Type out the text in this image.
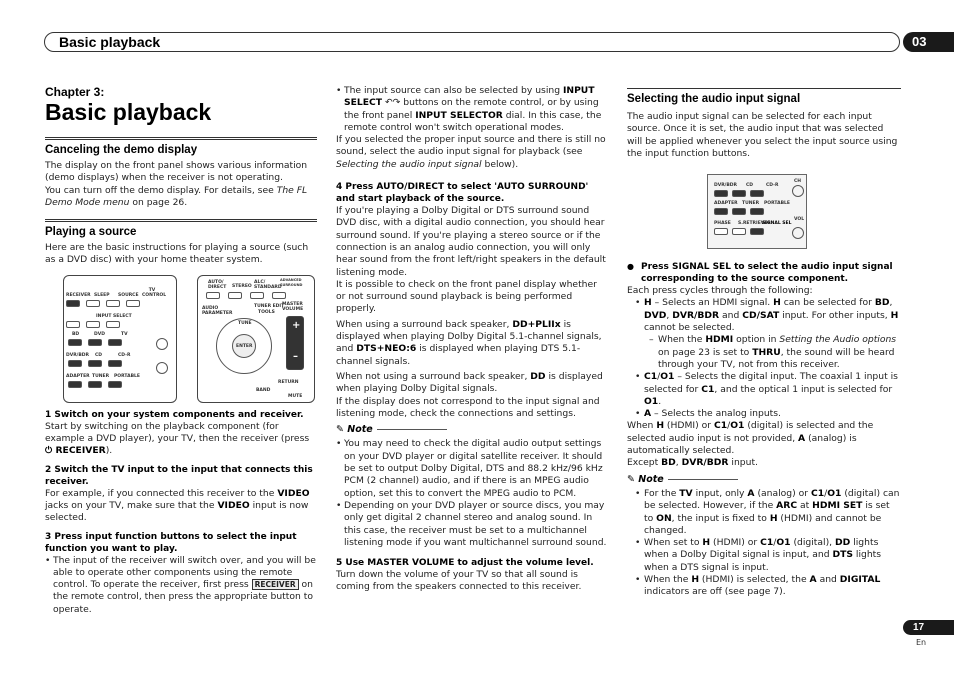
Basic playback	03
Chapter 3:
Basic playback
Canceling the demo display

The display on the front panel shows various information (demo displays) when the receiver is not operating.

You can turn off the demo display. For details, see The FL Demo Mode menu on page 26.

Playing a source

Here are the basic instructions for playing a source (such as a DVD disc) with your home theater system.

RECEIVER SLEEP SOURCE
TV CONTROL
INPUT SELECT
BD	DVD	TV
DVR/BDR CD	CD-R
ADAPTER TUNER PORTABLE
AUTO/ DIRECT	STEREO
ALC/ STANDARD
ADVANCED SURROUND
MASTER VOLUME
AUDIO PARAMETER
TUNER EDIT
TOOLS
TUNE
ENTER
+
–
BAND
RETURN
MUTE
1 Switch on your system components and receiver.

Start by switching on the playback component (for example a DVD player), your TV, then the receiver (press ⏻ RECEIVER).

2 Switch the TV input to the input that connects this receiver.

For example, if you connected this receiver to the VIDEO jacks on your TV, make sure that the VIDEO input is now selected.

3 Press input function buttons to select the input function you want to play.
• The input of the receiver will switch over, and you will be able to operate other components using the remote control. To operate the receiver, first press RECEIVER on the remote control, then press the appropriate button to operate.
• The input source can also be selected by using INPUT SELECT ↶↷ buttons on the remote control, or by using the front panel INPUT SELECTOR dial. In this case, the remote control won't switch operational modes.

If you selected the proper input source and there is still no sound, select the audio input signal for playback (see Selecting the audio input signal below).

4 Press AUTO/DIRECT to select 'AUTO SURROUND' and start playback of the source.

If you're playing a Dolby Digital or DTS surround sound DVD disc, with a digital audio connection, you should hear surround sound. If you're playing a stereo source or if the connection is an analog audio connection, you will only hear sound from the front left/right speakers in the default listening mode.

It is possible to check on the front panel display whether or not surround sound playback is being performed properly.

When using a surround back speaker, DD+PLIIx is displayed when playing Dolby Digital 5.1-channel signals, and DTS+NEO:6 is displayed when playing DTS 5.1-channel signals.

When not using a surround back speaker, DD is displayed when playing Dolby Digital signals.

If the display does not correspond to the input signal and listening mode, check the connections and settings.

✎ Note
• You may need to check the digital audio output settings on your DVD player or digital satellite receiver. It should be set to output Dolby Digital, DTS and 88.2 kHz/96 kHz PCM (2 channel) audio, and if there is an MPEG audio option, set this to convert the MPEG audio to PCM.
• Depending on your DVD player or source discs, you may only get digital 2 channel stereo and analog sound. In this case, the receiver must be set to a multichannel listening mode if you want multichannel surround sound.
5 Use MASTER VOLUME to adjust the volume level.

Turn down the volume of your TV so that all sound is coming from the speakers connected to this receiver.

Selecting the audio input signal

The audio input signal can be selected for each input source. Once it is set, the audio input that was selected will be applied whenever you select the input source using the input function buttons.

DVR/BDR CD	CD-R
CH
ADAPTER TUNER PORTABLE
PHASE S.RETRIEVER
SIGNAL SEL
VOL
● Press SIGNAL SEL to select the audio input signal corresponding to the source component.

Each press cycles through the following:

• H – Selects an HDMI signal. H can be selected for BD, DVD, DVR/BDR and CD/SAT input. For other inputs, H cannot be selected.
– When the HDMI option in Setting the Audio options on page 23 is set to THRU, the sound will be heard through your TV, not from this receiver.
• C1/O1 – Selects the digital input. The coaxial 1 input is selected for C1, and the optical 1 input is selected for O1.
• A – Selects the analog inputs.

When H (HDMI) or C1/O1 (digital) is selected and the selected audio input is not provided, A (analog) is automatically selected.

Except BD, DVR/BDR input.

✎ Note
• For the TV input, only A (analog) or C1/O1 (digital) can be selected. However, if the ARC at HDMI SET is set to ON, the input is fixed to H (HDMI) and cannot be changed.
• When set to H (HDMI) or C1/O1 (digital), DD lights when a Dolby Digital signal is input, and DTS lights when a DTS signal is input.
• When the H (HDMI) is selected, the A and DIGITAL indicators are off (see page 7).
17
En
